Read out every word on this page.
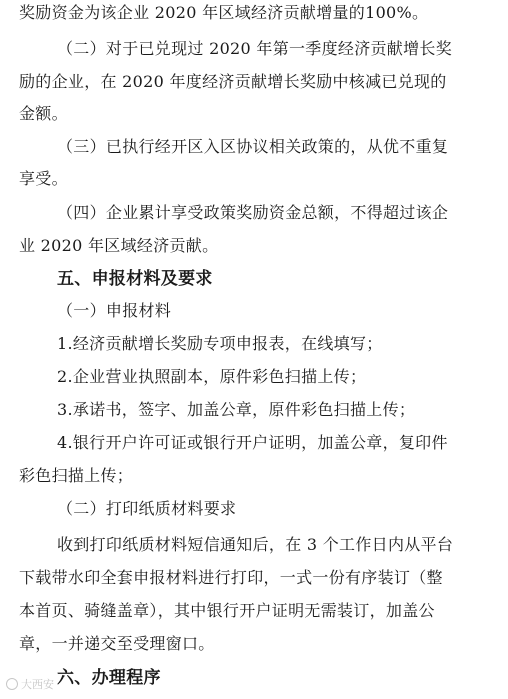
奖励资金为该企业 2020 年区域经济贡献增量的100%。
（二）对于已兑现过 2020 年第一季度经济贡献增长奖
励的企业，在 2020 年度经济贡献增长奖励中核减已兑现的
金额。
（三）已执行经开区入区协议相关政策的，从优不重复
享受。
（四）企业累计享受政策奖励资金总额，不得超过该企
业 2020 年区域经济贡献。
五、申报材料及要求
（一）申报材料
1.经济贡献增长奖励专项申报表，在线填写；
2.企业营业执照副本，原件彩色扫描上传；
3.承诺书，签字、加盖公章，原件彩色扫描上传；
4.银行开户许可证或银行开户证明，加盖公章，复印件
彩色扫描上传；
（二）打印纸质材料要求
收到打印纸质材料短信通知后，在 3 个工作日内从平台
下载带水印全套申报材料进行打印，一式一份有序装订（整
本首页、骑缝盖章），其中银行开户证明无需装订，加盖公
章，一并递交至受理窗口。
六、办理程序
大西安
